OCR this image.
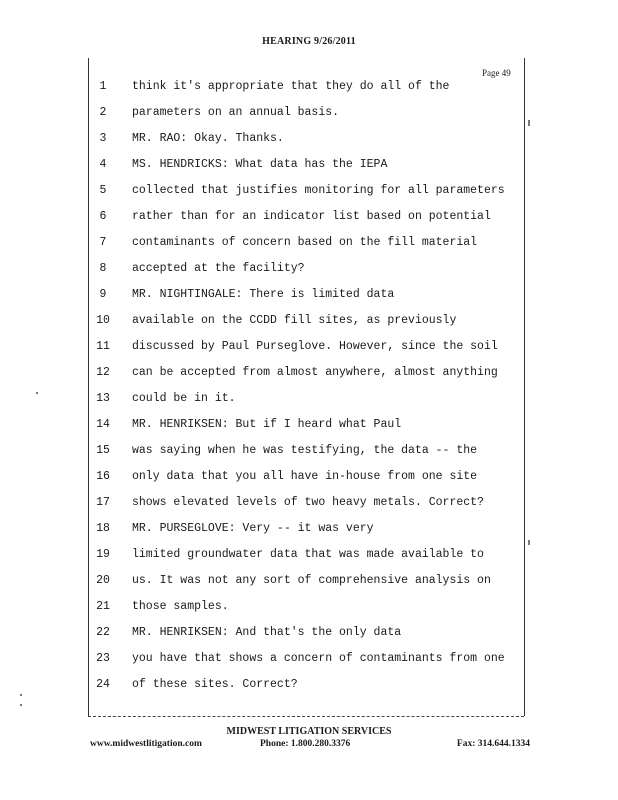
HEARING 9/26/2011
Page 49
1	think it's appropriate that they do all of the
2	parameters on an annual basis.
3	MR. RAO: Okay. Thanks.
4	MS. HENDRICKS: What data has the IEPA
5	collected that justifies monitoring for all parameters
6	rather than for an indicator list based on potential
7	contaminants of concern based on the fill material
8	accepted at the facility?
9	MR. NIGHTINGALE: There is limited data
10	available on the CCDD fill sites, as previously
11	discussed by Paul Purseglove. However, since the soil
12	can be accepted from almost anywhere, almost anything
13	could be in it.
14	MR. HENRIKSEN: But if I heard what Paul
15	was saying when he was testifying, the data -- the
16	only data that you all have in-house from one site
17	shows elevated levels of two heavy metals. Correct?
18	MR. PURSEGLOVE: Very -- it was very
19	limited groundwater data that was made available to
20	us. It was not any sort of comprehensive analysis on
21	those samples.
22	MR. HENRIKSEN: And that's the only data
23	you have that shows a concern of contaminants from one
24	of these sites. Correct?
MIDWEST LITIGATION SERVICES
www.midwestlitigation.com	Phone: 1.800.280.3376	Fax: 314.644.1334
